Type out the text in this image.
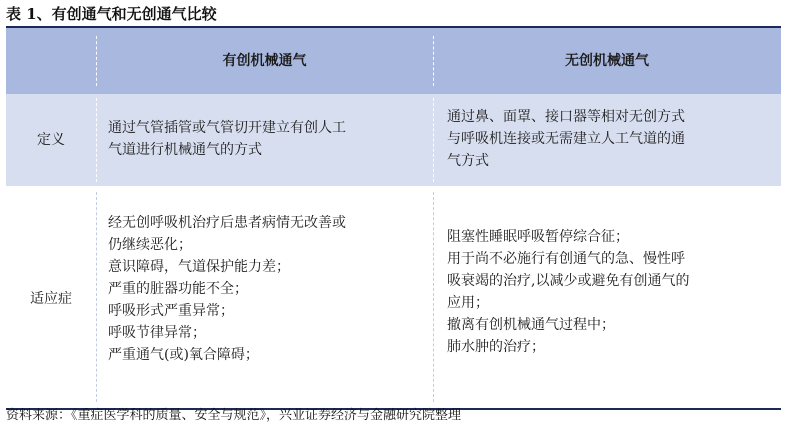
表 1、有创通气和无创通气比较
有创机械通气	无创机械通气
定义
通过气管插管或气管切开建立有创人工
气道进行机械通气的方式
通过鼻、面罩、接口器等相对无创方式
与呼吸机连接或无需建立人工气道的通
气方式
适应症
经无创呼吸机治疗后患者病情无改善或
仍继续恶化；
意识障碍，气道保护能力差；
严重的脏器功能不全；
呼吸形式严重异常；
呼吸节律异常；
严重通气(或)氧合障碍；
阻塞性睡眠呼吸暂停综合征；
用于尚不必施行有创通气的急、慢性呼
吸衰竭的治疗,以减少或避免有创通气的
应用；
撤离有创机械通气过程中；
肺水肿的治疗；
资料来源：《重症医学科的质量、安全与规范》，兴业证券经济与金融研究院整理
